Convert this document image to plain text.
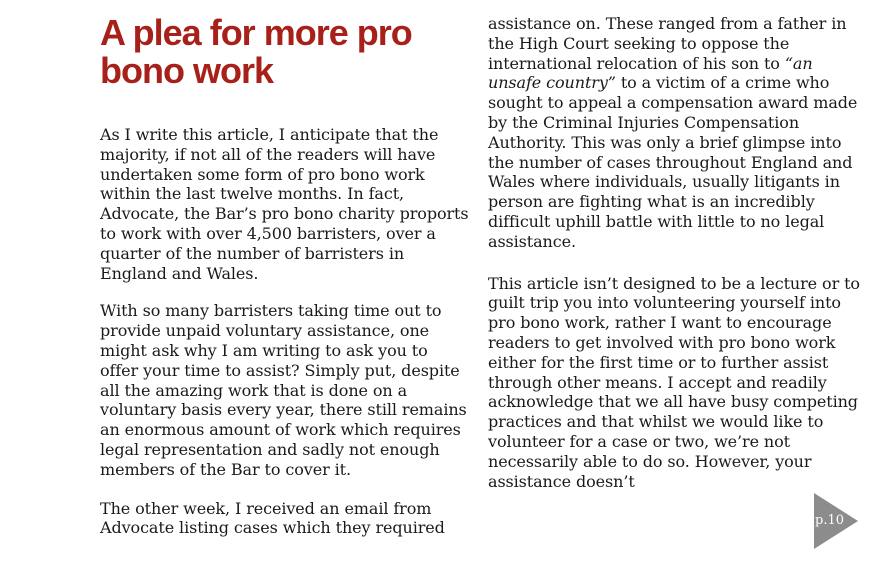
A plea for more pro bono work

As I write this article, I anticipate that the majority, if not all of the readers will have undertaken some form of pro bono work within the last twelve months. In fact, Advocate, the Bar’s pro bono charity proports to work with over 4,500 barristers, over a quarter of the number of barristers in England and Wales.

With so many barristers taking time out to provide unpaid voluntary assistance, one might ask why I am writing to ask you to offer your time to assist? Simply put, despite all the amazing work that is done on a voluntary basis every year, there still remains an enormous amount of work which requires legal representation and sadly not enough members of the Bar to cover it.

The other week, I received an email from Advocate listing cases which they required

assistance on. These ranged from a father in the High Court seeking to oppose the international relocation of his son to “an unsafe country” to a victim of a crime who sought to appeal a compensation award made by the Criminal Injuries Compensation Authority. This was only a brief glimpse into the number of cases throughout England and Wales where individuals, usually litigants in person are fighting what is an incredibly difficult uphill battle with little to no legal assistance.

This article isn’t designed to be a lecture or to guilt trip you into volunteering yourself into pro bono work, rather I want to encourage readers to get involved with pro bono work either for the first time or to further assist through other means. I accept and readily acknowledge that we all have busy competing practices and that whilst we would like to volunteer for a case or two, we’re not necessarily able to do so. However, your assistance doesn’t

p.10
